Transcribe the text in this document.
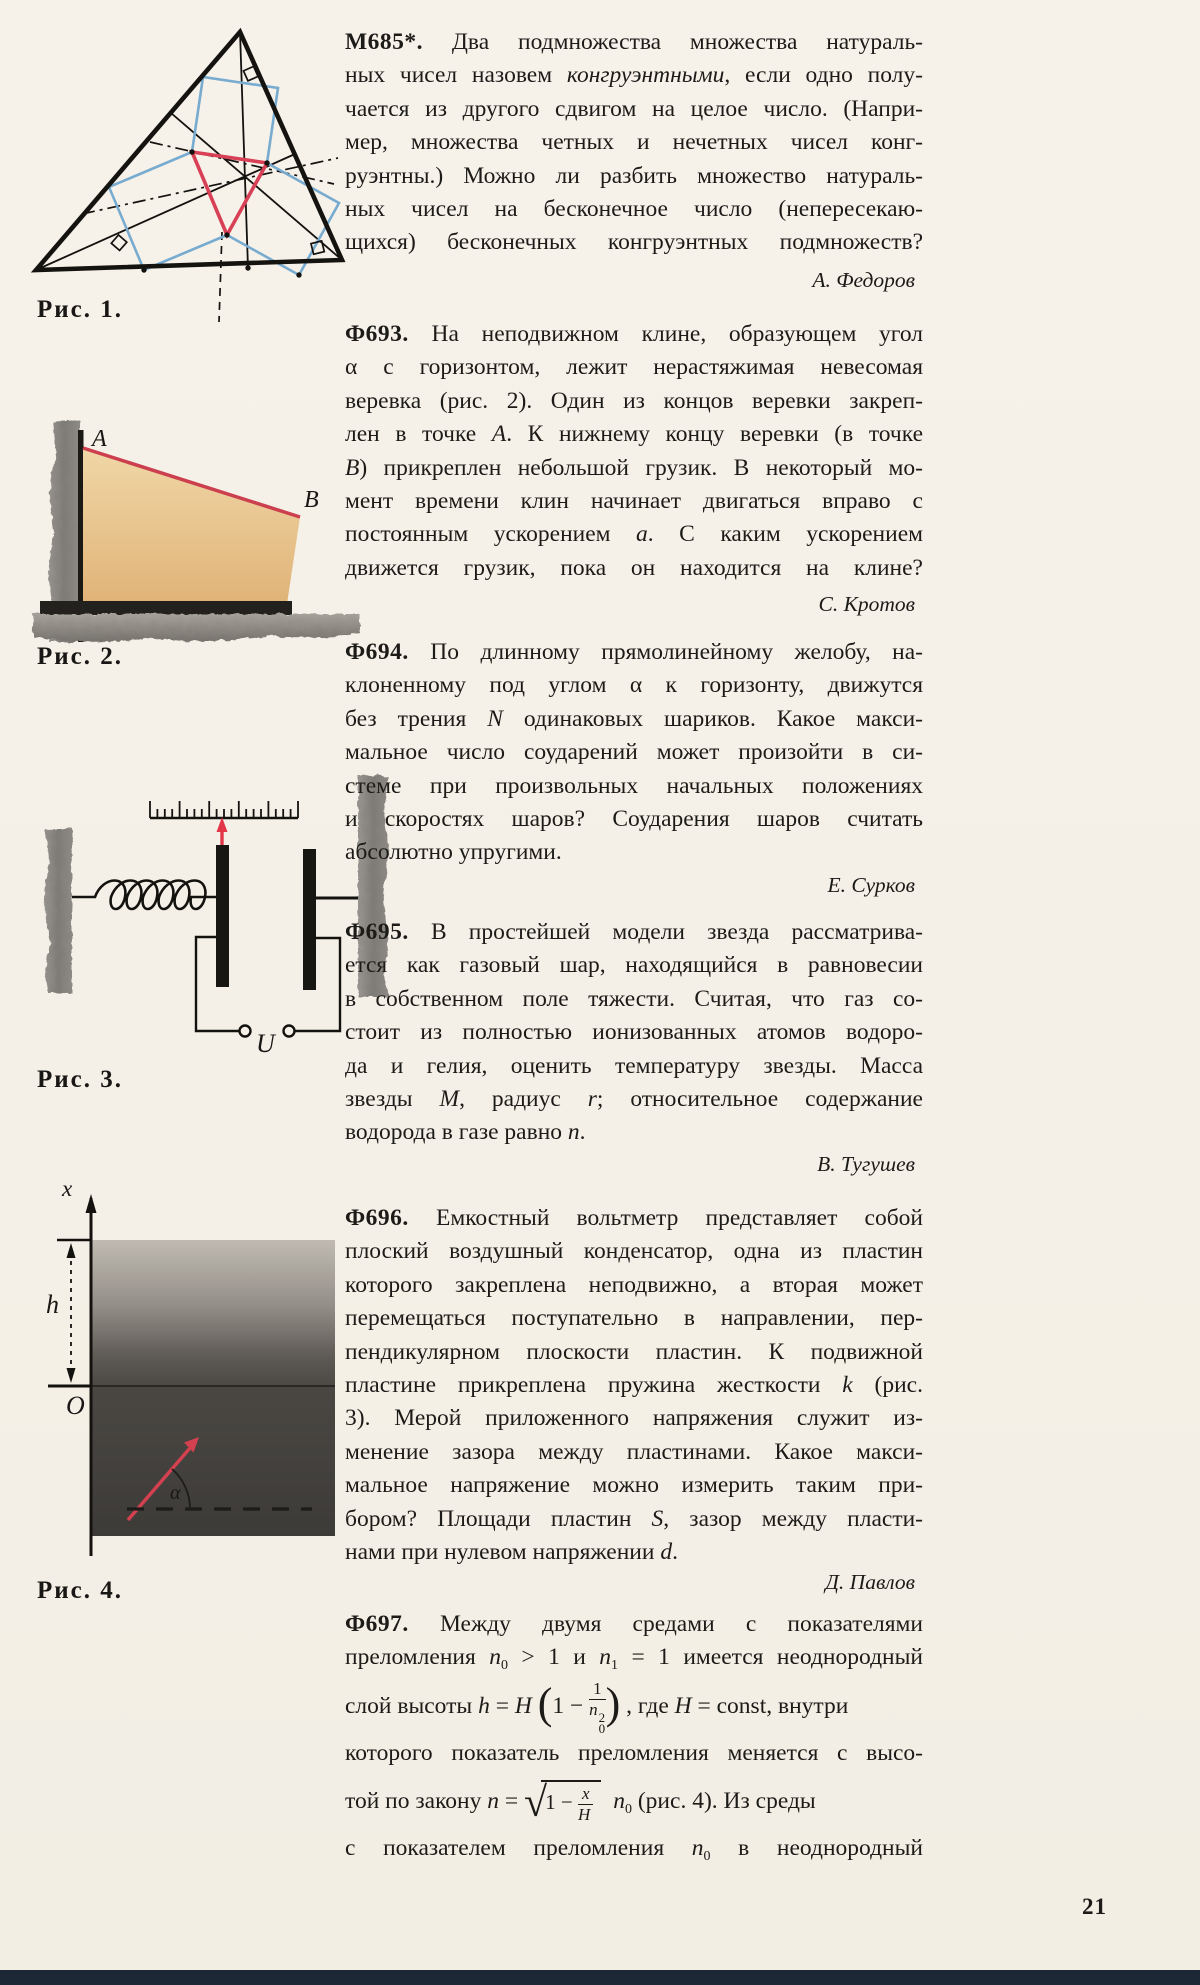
Рис. 1.
A
B
Рис. 2.
U
Рис. 3.
x
h
O
α
Рис. 4.
М685*. Два подмножества множества натураль-
ных чисел назовем конгруэнтными, если одно полу-
чается из другого сдвигом на целое число. (Напри-
мер, множества четных и нечетных чисел конг-
руэнтны.) Можно ли разбить множество натураль-
ных чисел на бесконечное число (непересекаю-
щихся) бесконечных конгруэнтных подмножеств?
А. Федоров
Ф693. На неподвижном клине, образующем угол
α с горизонтом, лежит нерастяжимая невесомая
веревка (рис. 2). Один из концов веревки закреп-
лен в точке А. К нижнему концу веревки (в точке
В) прикреплен небольшой грузик. В некоторый мо-
мент времени клин начинает двигаться вправо с
постоянным ускорением а. С каким ускорением
движется грузик, пока он находится на клине?
С. Кротов
Ф694. По длинному прямолинейному желобу, на-
клоненному под углом α к горизонту, движутся
без трения N одинаковых шариков. Какое макси-
мальное число соударений может произойти в си-
стеме при произвольных начальных положениях
и скоростях шаров? Соударения шаров считать
абсолютно упругими.
Е. Сурков
Ф695. В простейшей модели звезда рассматрива-
ется как газовый шар, находящийся в равновесии
в собственном поле тяжести. Считая, что газ со-
стоит из полностью ионизованных атомов водоро-
да и гелия, оценить температуру звезды. Масса
звезды М, радиус r; относительное содержание
водорода в газе равно n.
В. Тугушев
Ф696. Емкостный вольтметр представляет собой
плоский воздушный конденсатор, одна из пластин
которого закреплена неподвижно, а вторая может
перемещаться поступательно в направлении, пер-
пендикулярном плоскости пластин. К подвижной
пластине прикреплена пружина жесткости k (рис.
3). Мерой приложенного напряжения служит из-
менение зазора между пластинами. Какое макси-
мальное напряжение можно измерить таким при-
бором? Площади пластин S, зазор между пласти-
нами при нулевом напряжении d.
Д. Павлов
Ф697. Между двумя средами с показателями
преломления $n_0 > 1$ и $n_1 = 1$ имеется неоднородный
слой высоты h = H (1 − 1
n 2
0 ) , где H = const, внутри
которого показатель преломления меняется с высо-
той по закону $n = √1 - \frac{x}{H} n_0$ (рис. 4). Из среды
с показателем преломления $n_0$ в неоднородный
21
